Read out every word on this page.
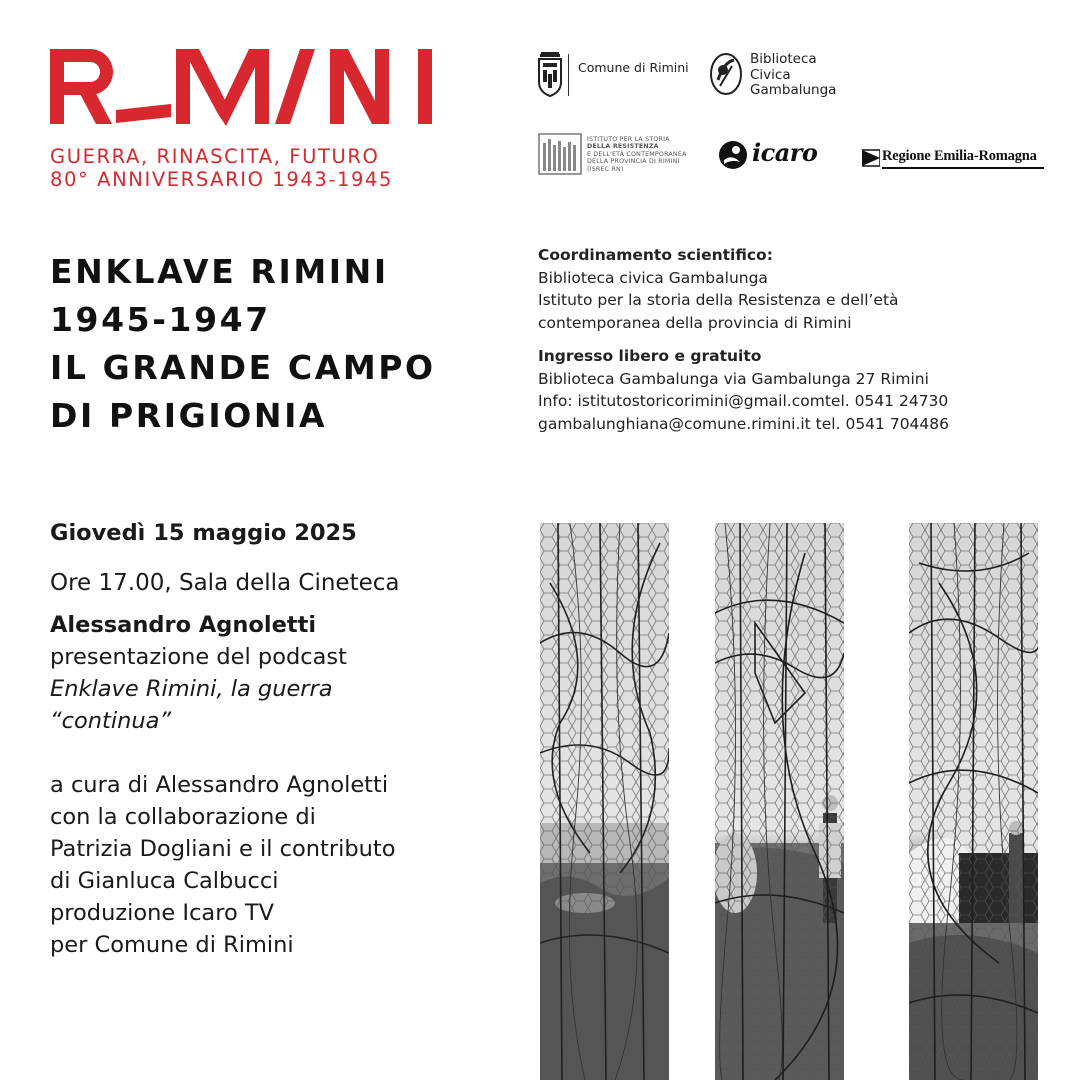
GUERRA, RINASCITA, FUTURO
80° ANNIVERSARIO 1943-1945
Comune di Rimini
Biblioteca
Civica
Gambalunga
ISTITUTO PER LA STORIA
DELLA RESISTENZA
E DELL'ETÀ CONTEMPORANEA
DELLA PROVINCIA DI RIMINI
(ISREC RN)
icaro	Regione Emilia-Romagna
ENKLAVE RIMINI
1945-1947
IL GRANDE CAMPO
DI PRIGIONIA
Coordinamento scientifico:
Biblioteca civica Gambalunga
Istituto per la storia della Resistenza e dell’età
contemporanea della provincia di Rimini
Ingresso libero e gratuito
Biblioteca Gambalunga via Gambalunga 27 Rimini
Info: istitutostoricorimini@gmail.comtel. 0541 24730
gambalunghiana@comune.rimini.it tel. 0541 704486
Giovedì 15 maggio 2025
Ore 17.00, Sala della Cineteca
Alessandro Agnoletti
presentazione del podcast
Enklave Rimini, la guerra
“continua”
a cura di Alessandro Agnoletti
con la collaborazione di
Patrizia Dogliani e il contributo
di Gianluca Calbucci
produzione Icaro TV
per Comune di Rimini
